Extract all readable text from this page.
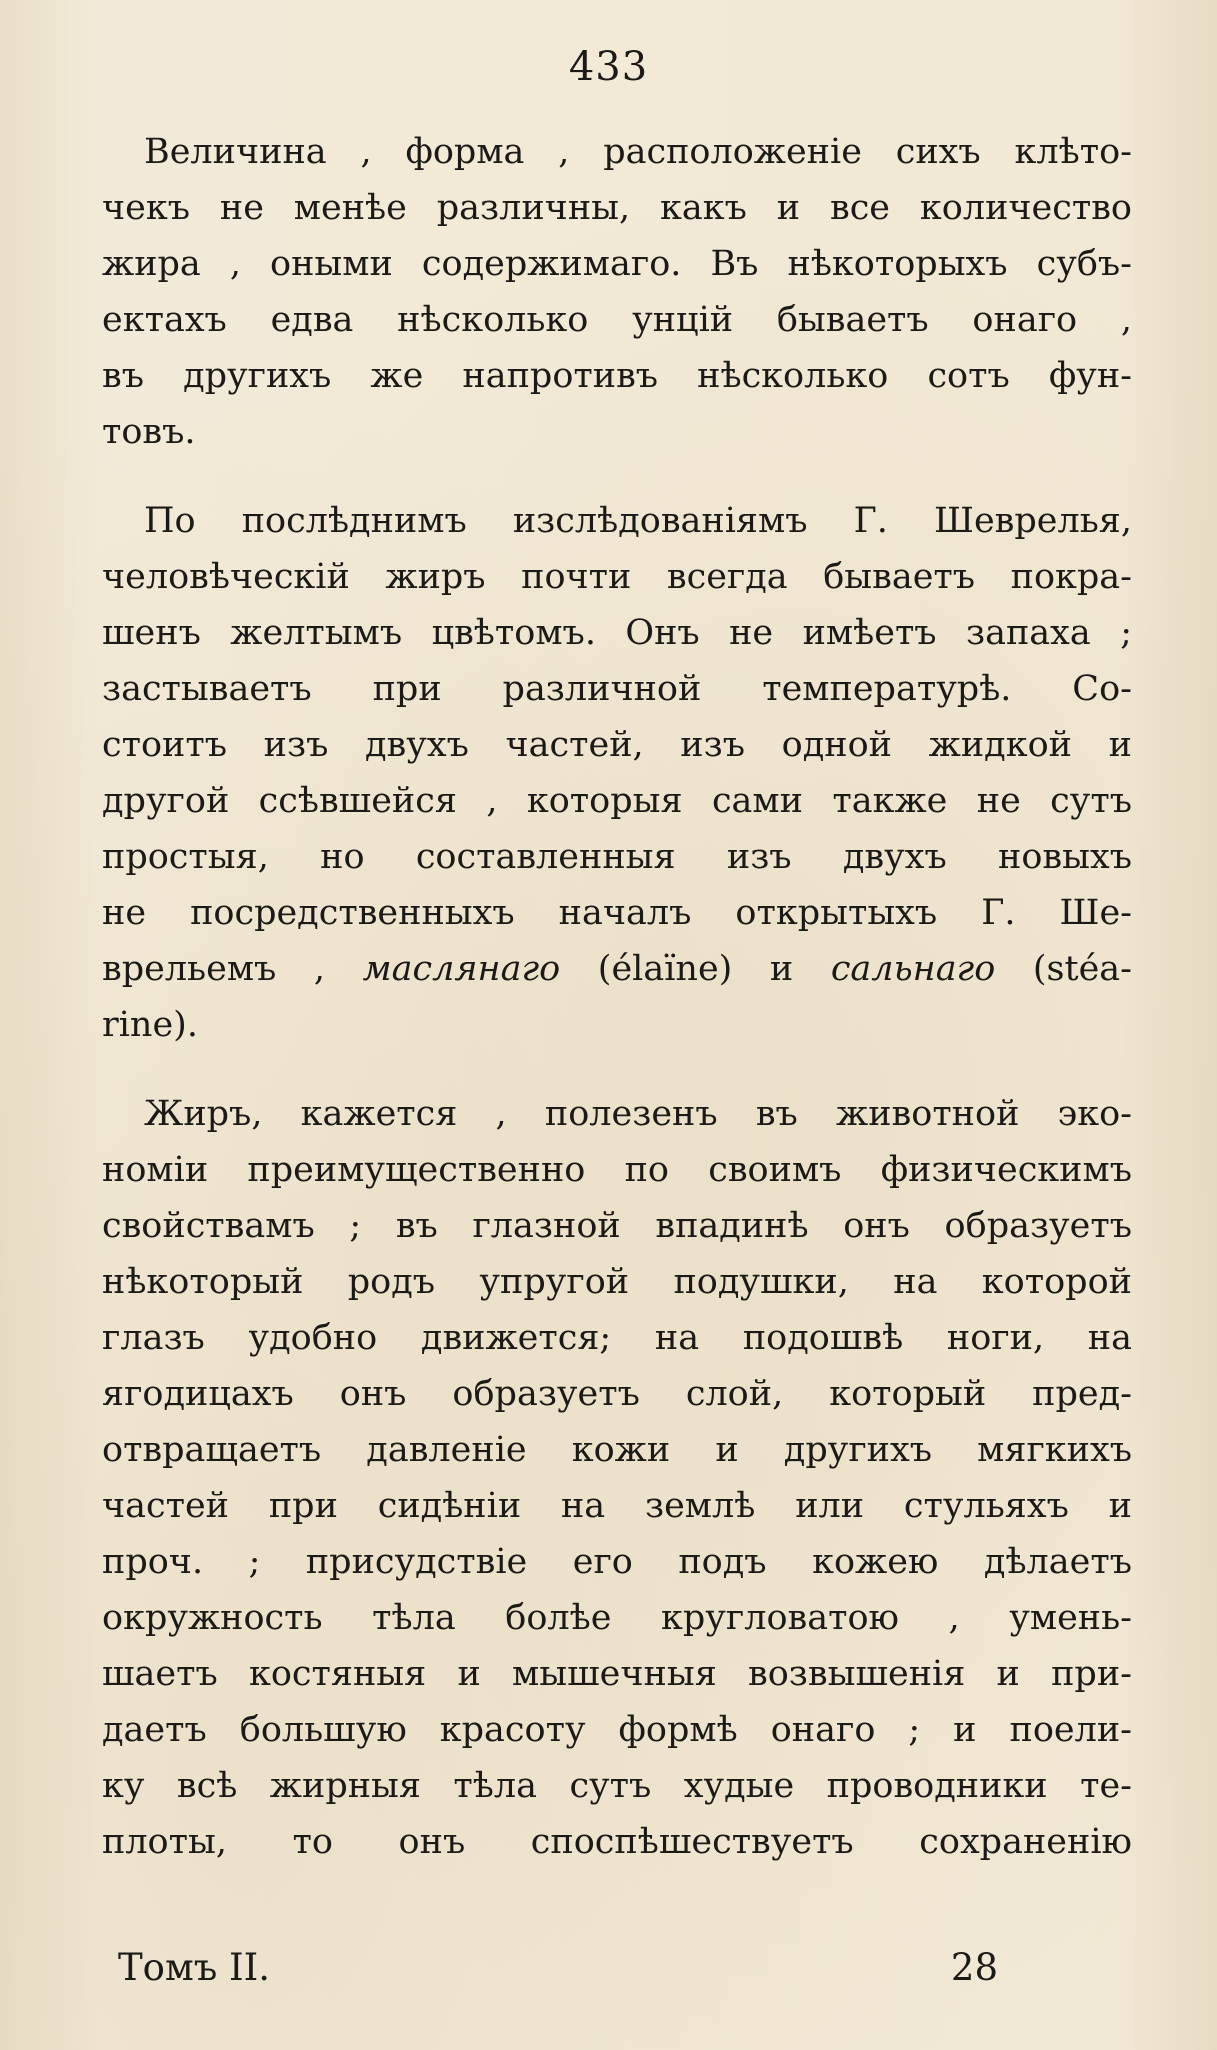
433
Величина , форма , расположеніе сихъ клѣто-
чекъ не менѣе различны, какъ и все количество
жира , оными содержимаго. Въ нѣкоторыхъ субъ-
ектахъ едва нѣсколько унцій бываетъ онаго ,
въ другихъ же напротивъ нѣсколько сотъ фун-
товъ.
По послѣднимъ изслѣдованіямъ Г. Шеврелья,
человѣческій жиръ почти всегда бываетъ покра-
шенъ желтымъ цвѣтомъ. Онъ не имѣетъ запаха ;
застываетъ при различной температурѣ. Со-
стоитъ изъ двухъ частей, изъ одной жидкой и
другой ссѣвшейся , которыя сами также не сутъ
простыя, но составленныя изъ двухъ новыхъ
не посредственныхъ началъ открытыхъ Г. Ше-
врельемъ , маслянаго (élaïne) и сальнаго (stéa-
rine).
Жиръ, кажется , полезенъ въ животной эко-
номіи преимущественно по своимъ физическимъ
свойствамъ ; въ глазной впадинѣ онъ образуетъ
нѣкоторый родъ упругой подушки, на которой
глазъ удобно движется; на подошвѣ ноги, на
ягодицахъ онъ образуетъ слой, который пред-
отвращаетъ давленіе кожи и другихъ мягкихъ
частей при сидѣніи на землѣ или стульяхъ и
проч. ; присудствіе его подъ кожею дѣлаетъ
окружность тѣла болѣе кругловатою , умень-
шаетъ костяныя и мышечныя возвышенія и при-
даетъ большую красоту формѣ онаго ; и поели-
ку всѣ жирныя тѣла сутъ худые проводники те-
плоты, то онъ споспѣшествуетъ сохраненію
Томъ II.	28
